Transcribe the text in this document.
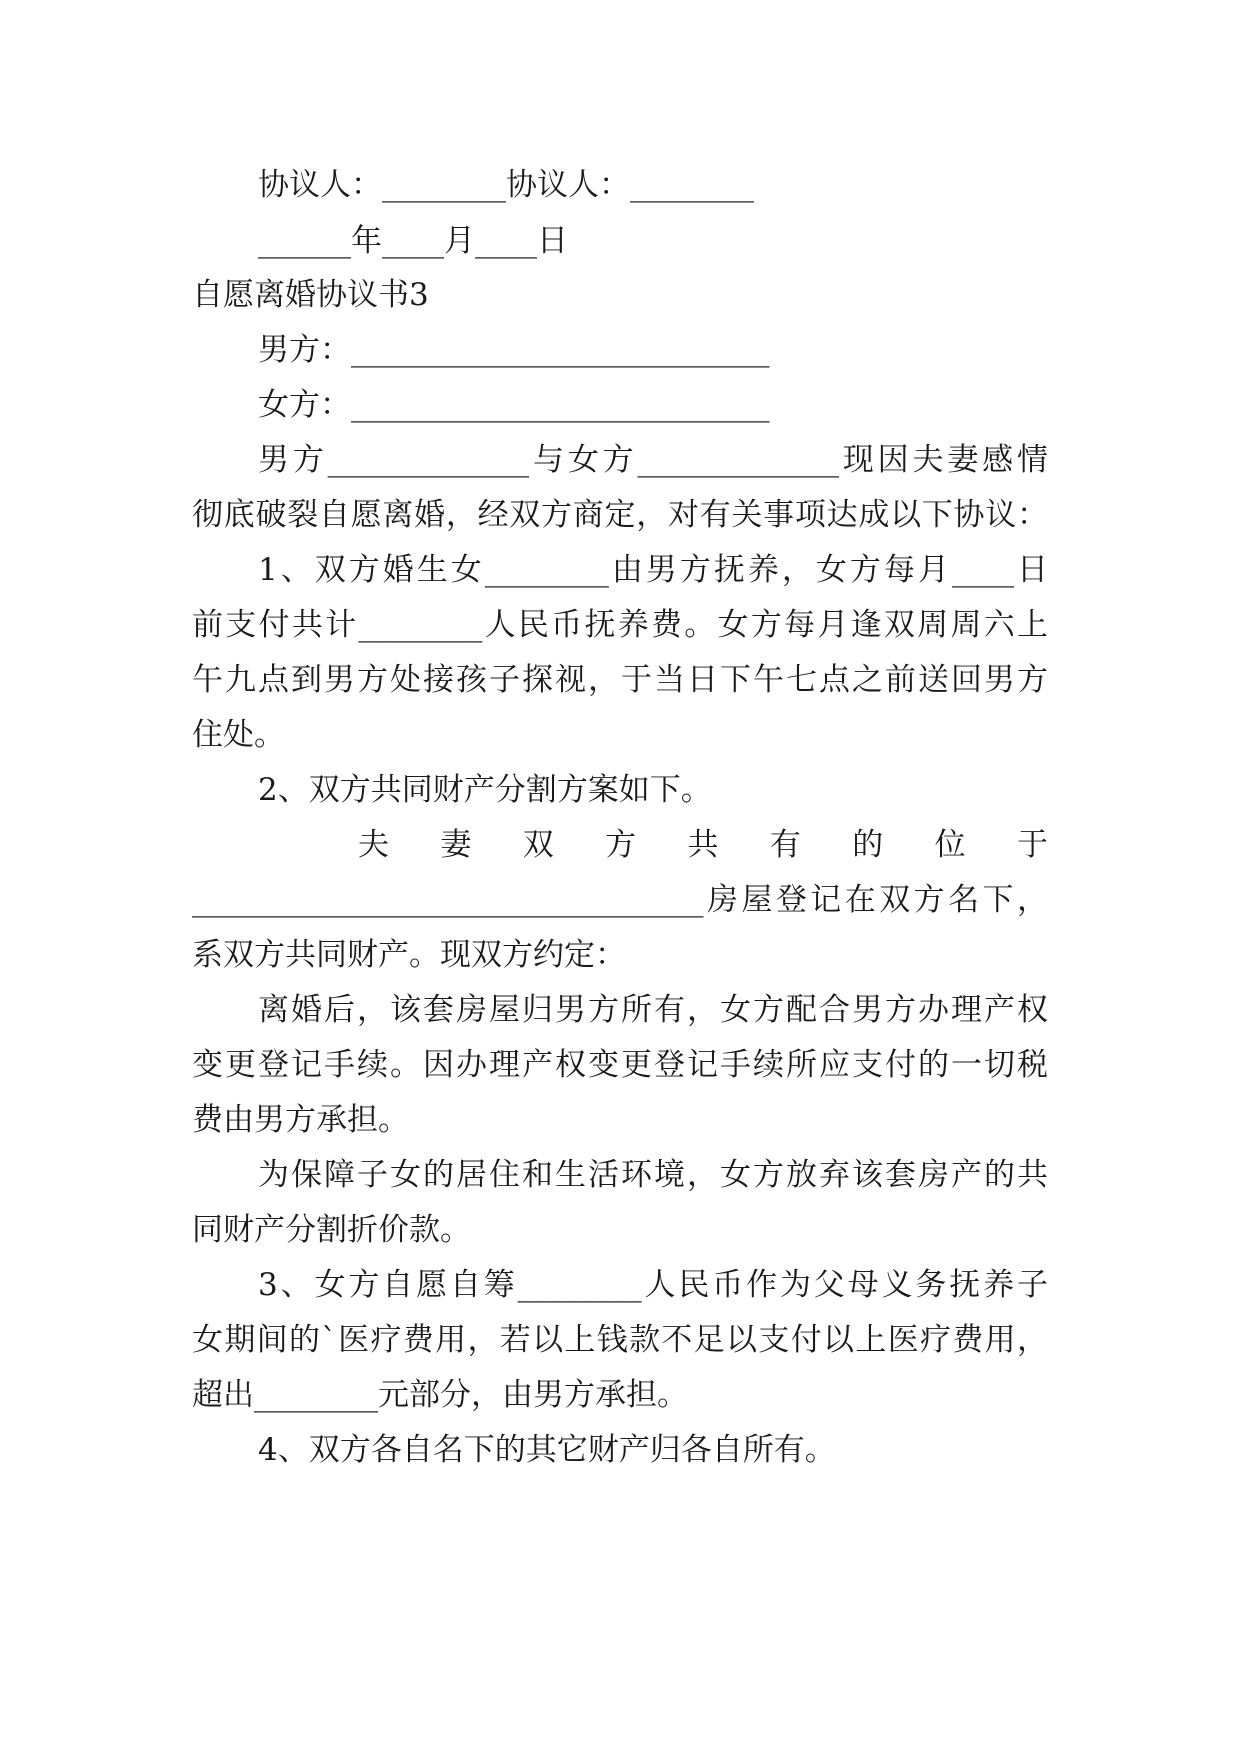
协议人：________协议人：________
______年____月____日
自愿离婚协议书3
男方：___________________________
女方：___________________________
男方_____________与女方_____________现因夫妻感情
彻底破裂自愿离婚，经双方商定，对有关事项达成以下协议：
1、双方婚生女________由男方抚养，女方每月____日
前支付共计________人民币抚养费。女方每月逢双周周六上
午九点到男方处接孩子探视，于当日下午七点之前送回男方
住处。
2、双方共同财产分割方案如下。
夫 妻 双 方 共 有 的 位 于
_________________________________房屋登记在双方名下，
系双方共同财产。现双方约定：
离婚后，该套房屋归男方所有，女方配合男方办理产权
变更登记手续。因办理产权变更登记手续所应支付的一切税
费由男方承担。
为保障子女的居住和生活环境，女方放弃该套房产的共
同财产分割折价款。
3、女方自愿自筹________人民币作为父母义务抚养子
女期间的`医疗费用，若以上钱款不足以支付以上医疗费用，
超出________元部分，由男方承担。
4、双方各自名下的其它财产归各自所有。
